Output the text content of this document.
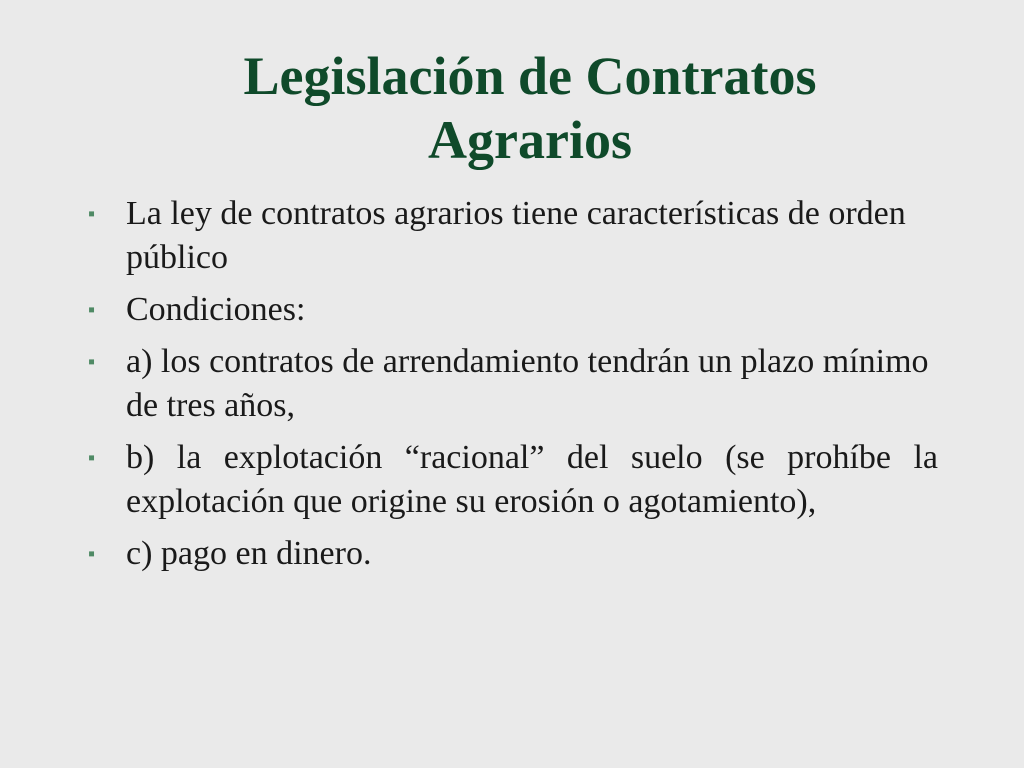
Legislación de Contratos
Agrarios
▪ La ley de contratos agrarios tiene características de orden público
▪ Condiciones:
▪ a) los contratos de arrendamiento tendrán un plazo mínimo de tres años,
▪ b) la explotación “racional” del suelo (se prohíbe la explotación que origine su erosión o agotamiento),
▪ c) pago en dinero.
